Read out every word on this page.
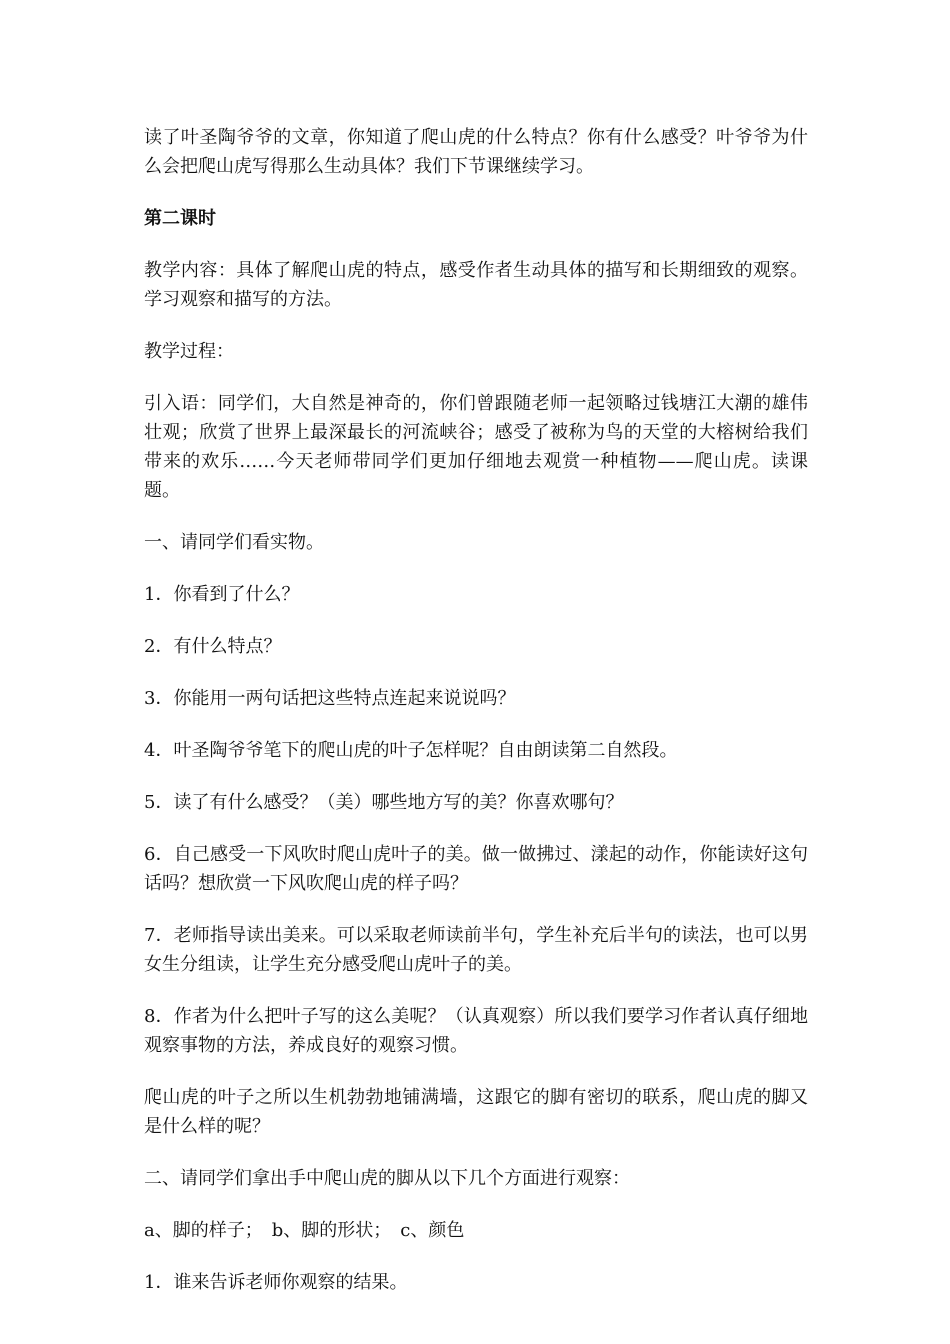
读了叶圣陶爷爷的文章，你知道了爬山虎的什么特点？你有什么感受？叶爷爷为什么会把爬山虎写得那么生动具体？我们下节课继续学习。

第二课时

教学内容：具体了解爬山虎的特点，感受作者生动具体的描写和长期细致的观察。学习观察和描写的方法。

教学过程：

引入语：同学们，大自然是神奇的，你们曾跟随老师一起领略过钱塘江大潮的雄伟壮观；欣赏了世界上最深最长的河流峡谷；感受了被称为鸟的天堂的大榕树给我们带来的欢乐……今天老师带同学们更加仔细地去观赏一种植物——爬山虎。读课题。

一、请同学们看实物。

1．你看到了什么？

2．有什么特点？

3．你能用一两句话把这些特点连起来说说吗？

4．叶圣陶爷爷笔下的爬山虎的叶子怎样呢？自由朗读第二自然段。

5．读了有什么感受？（美）哪些地方写的美？你喜欢哪句？

6．自己感受一下风吹时爬山虎叶子的美。做一做拂过、漾起的动作，你能读好这句话吗？想欣赏一下风吹爬山虎的样子吗？

7．老师指导读出美来。可以采取老师读前半句，学生补充后半句的读法，也可以男女生分组读，让学生充分感受爬山虎叶子的美。

8．作者为什么把叶子写的这么美呢？（认真观察）所以我们要学习作者认真仔细地观察事物的方法，养成良好的观察习惯。

爬山虎的叶子之所以生机勃勃地铺满墙，这跟它的脚有密切的联系，爬山虎的脚又是什么样的呢？

二、请同学们拿出手中爬山虎的脚从以下几个方面进行观察：

a、脚的样子；　b、脚的形状；　c、颜色

1．谁来告诉老师你观察的结果。
